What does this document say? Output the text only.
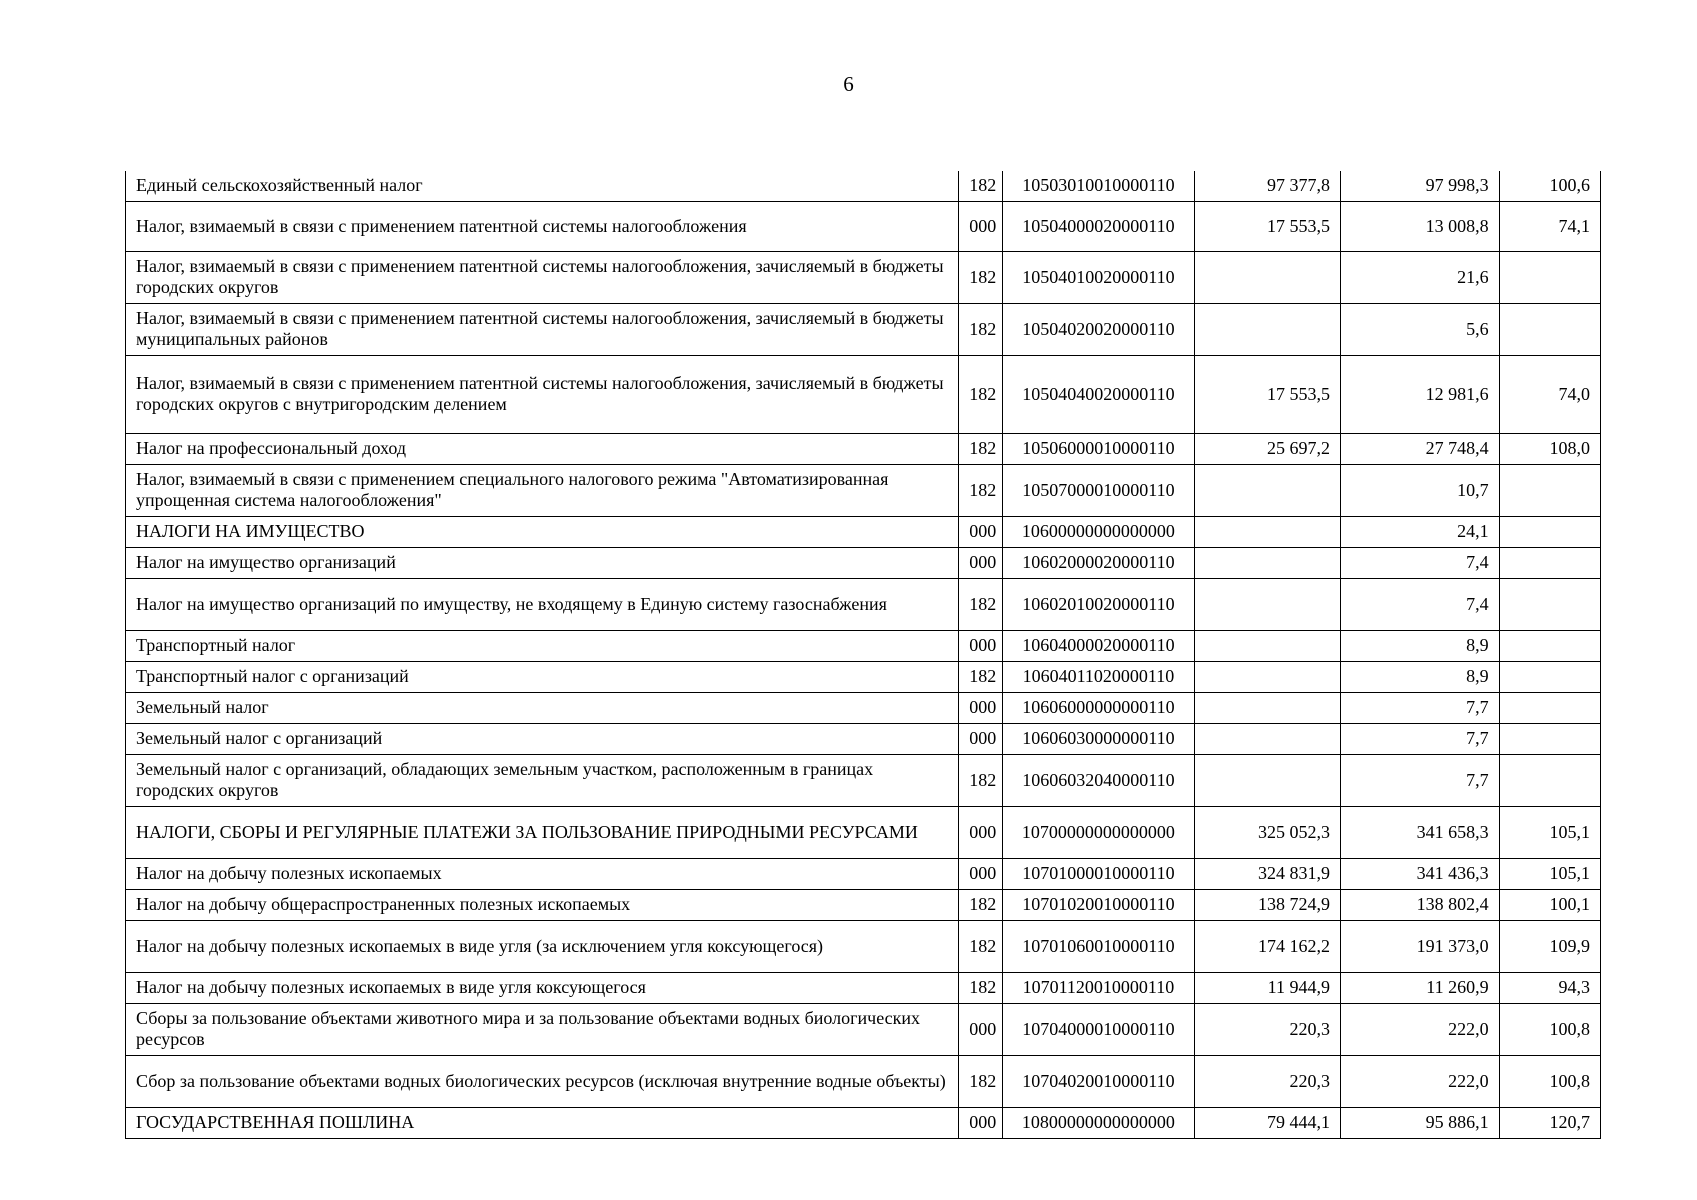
6
Единый сельскохозяйственный налог	182	10503010010000110	97 377,8	97 998,3	100,6
Налог, взимаемый в связи с применением патентной системы налогообложения	000	10504000020000110	17 553,5	13 008,8	74,1
Налог, взимаемый в связи с применением патентной системы налогообложения, зачисляемый в бюджеты городских округов	182	10504010020000110		21,6	
Налог, взимаемый в связи с применением патентной системы налогообложения, зачисляемый в бюджеты муниципальных районов	182	10504020020000110		5,6	
Налог, взимаемый в связи с применением патентной системы налогообложения, зачисляемый в бюджеты городских округов с внутригородским делением	182	10504040020000110	17 553,5	12 981,6	74,0
Налог на профессиональный доход	182	10506000010000110	25 697,2	27 748,4	108,0
Налог, взимаемый в связи с применением специального налогового режима "Автоматизированная упрощенная система налогообложения"	182	10507000010000110		10,7	
НАЛОГИ НА ИМУЩЕСТВО	000	10600000000000000		24,1	
Налог на имущество организаций	000	10602000020000110		7,4	
Налог на имущество организаций по имуществу, не входящему в Единую систему газоснабжения	182	10602010020000110		7,4	
Транспортный налог	000	10604000020000110		8,9	
Транспортный налог с организаций	182	10604011020000110		8,9	
Земельный налог	000	10606000000000110		7,7	
Земельный налог с организаций	000	10606030000000110		7,7	
Земельный налог с организаций, обладающих земельным участком, расположенным в границах городских округов	182	10606032040000110		7,7	
НАЛОГИ, СБОРЫ И РЕГУЛЯРНЫЕ ПЛАТЕЖИ ЗА ПОЛЬЗОВАНИЕ ПРИРОДНЫМИ РЕСУРСАМИ	000	10700000000000000	325 052,3	341 658,3	105,1
Налог на добычу полезных ископаемых	000	10701000010000110	324 831,9	341 436,3	105,1
Налог на добычу общераспространенных полезных ископаемых	182	10701020010000110	138 724,9	138 802,4	100,1
Налог на добычу полезных ископаемых в виде угля (за исключением угля коксующегося)	182	10701060010000110	174 162,2	191 373,0	109,9
Налог на добычу полезных ископаемых в виде угля коксующегося	182	10701120010000110	11 944,9	11 260,9	94,3
Сборы за пользование объектами животного мира и за пользование объектами водных биологических ресурсов	000	10704000010000110	220,3	222,0	100,8
Сбор за пользование объектами водных биологических ресурсов (исключая внутренние водные объекты)	182	10704020010000110	220,3	222,0	100,8
ГОСУДАРСТВЕННАЯ ПОШЛИНА	000	10800000000000000	79 444,1	95 886,1	120,7
